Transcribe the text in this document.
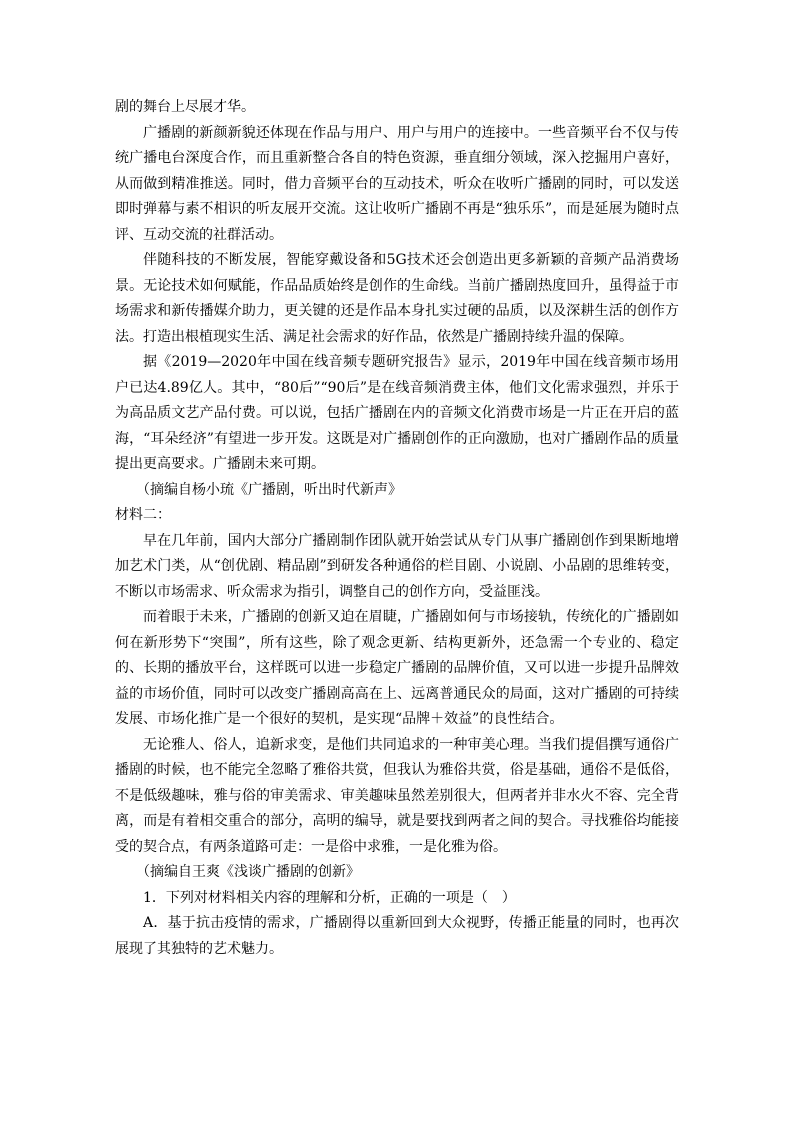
剧的舞台上尽展才华。

广播剧的新颜新貌还体现在作品与用户、用户与用户的连接中。一些音频平台不仅与传统广播电台深度合作，而且重新整合各自的特色资源，垂直细分领域，深入挖掘用户喜好，从而做到精准推送。同时，借力音频平台的互动技术，听众在收听广播剧的同时，可以发送即时弹幕与素不相识的听友展开交流。这让收听广播剧不再是“独乐乐”，而是延展为随时点评、互动交流的社群活动。

伴随科技的不断发展，智能穿戴设备和5G技术还会创造出更多新颖的音频产品消费场景。无论技术如何赋能，作品品质始终是创作的生命线。当前广播剧热度回升，虽得益于市场需求和新传播媒介助力，更关键的还是作品本身扎实过硬的品质，以及深耕生活的创作方法。打造出根植现实生活、满足社会需求的好作品，依然是广播剧持续升温的保障。

据《2019—2020年中国在线音频专题研究报告》显示，2019年中国在线音频市场用户已达4.89亿人。其中，“80后”“90后”是在线音频消费主体，他们文化需求强烈，并乐于为高品质文艺产品付费。可以说，包括广播剧在内的音频文化消费市场是一片正在开启的蓝海，“耳朵经济”有望进一步开发。这既是对广播剧创作的正向激励，也对广播剧作品的质量提出更高要求。广播剧未来可期。

（摘编自杨小琉《广播剧，听出时代新声》

材料二：

早在几年前，国内大部分广播剧制作团队就开始尝试从专门从事广播剧创作到果断地增加艺术门类，从“创优剧、精品剧”到研发各种通俗的栏目剧、小说剧、小品剧的思维转变，不断以市场需求、听众需求为指引，调整自己的创作方向，受益匪浅。

而着眼于未来，广播剧的创新又迫在眉睫，广播剧如何与市场接轨，传统化的广播剧如何在新形势下“突围”，所有这些，除了观念更新、结构更新外，还急需一个专业的、稳定的、长期的播放平台，这样既可以进一步稳定广播剧的品牌价值，又可以进一步提升品牌效益的市场价值，同时可以改变广播剧高高在上、远离普通民众的局面，这对广播剧的可持续发展、市场化推广是一个很好的契机，是实现“品牌＋效益”的良性结合。

无论雅人、俗人，追新求变，是他们共同追求的一种审美心理。当我们提倡撰写通俗广播剧的时候，也不能完全忽略了雅俗共赏，但我认为雅俗共赏，俗是基础，通俗不是低俗，不是低级趣味，雅与俗的审美需求、审美趣味虽然差别很大，但两者并非水火不容、完全背离，而是有着相交重合的部分，高明的编导，就是要找到两者之间的契合。寻找雅俗均能接受的契合点，有两条道路可走：一是俗中求雅，一是化雅为俗。

（摘编自王爽《浅谈广播剧的创新》

1．下列对材料相关内容的理解和分析，正确的一项是（　）

A．基于抗击疫情的需求，广播剧得以重新回到大众视野，传播正能量的同时，也再次展现了其独特的艺术魅力。
